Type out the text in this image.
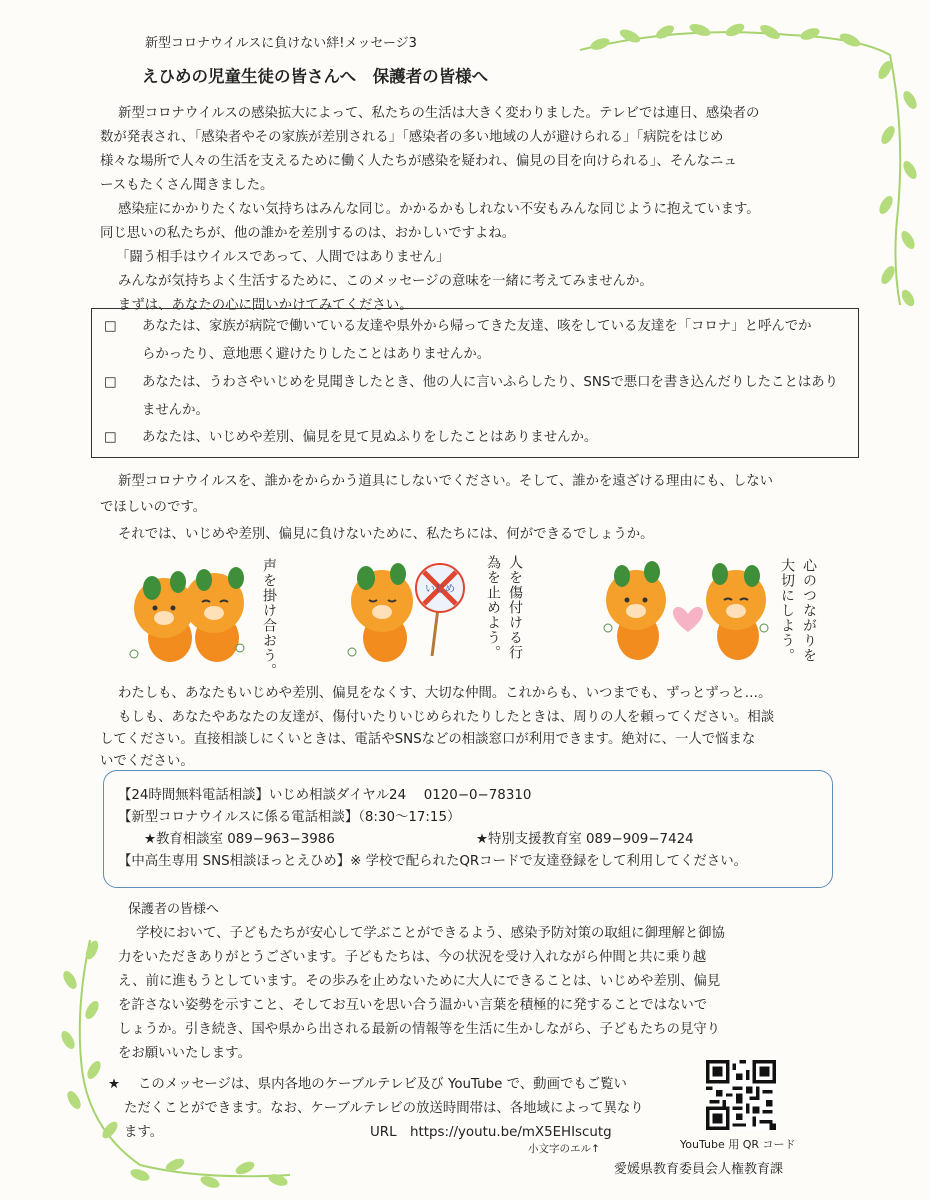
新型コロナウイルスに負けない絆!メッセージ3
えひめの児童生徒の皆さんへ　保護者の皆様へ
新型コロナウイルスの感染拡大によって、私たちの生活は大きく変わりました。テレビでは連日、感染者の
数が発表され、「感染者やその家族が差別される」「感染者の多い地域の人が避けられる」「病院をはじめ
様々な場所で人々の生活を支えるために働く人たちが感染を疑われ、偏見の目を向けられる」、そんなニュ
ースもたくさん聞きました。
感染症にかかりたくない気持ちはみんな同じ。かかるかもしれない不安もみんな同じように抱えています。
同じ思いの私たちが、他の誰かを差別するのは、おかしいですよね。
「闘う相手はウイルスであって、人間ではありません」
みんなが気持ちよく生活するために、このメッセージの意味を一緒に考えてみませんか。
まずは、あなたの心に問いかけてみてください。
□ あなたは、家族が病院で働いている友達や県外から帰ってきた友達、咳をしている友達を「コロナ」と呼んでか
らかったり、意地悪く避けたりしたことはありませんか。
□ あなたは、うわさやいじめを見聞きしたとき、他の人に言いふらしたり、SNSで悪口を書き込んだりしたことはあり
ませんか。
□ あなたは、いじめや差別、偏見を見て見ぬふりをしたことはありませんか。
新型コロナウイルスを、誰かをからかう道具にしないでください。そして、誰かを遠ざける理由にも、しない
でほしいのです。
それでは、いじめや差別、偏見に負けないために、私たちには、何ができるでしょうか。
声を掛け合おう。	いじめ	人を傷付ける行
為を止めよう。	心のつながりを
大切にしよう。
わたしも、あなたもいじめや差別、偏見をなくす、大切な仲間。これからも、いつまでも、ずっとずっと…。
もしも、あなたやあなたの友達が、傷付いたりいじめられたりしたときは、周りの人を頼ってください。相談
してください。直接相談しにくいときは、電話やSNSなどの相談窓口が利用できます。絶対に、一人で悩まな
いでください。
【24時間無料電話相談】いじめ相談ダイヤル24　 0120−0−78310
【新型コロナウイルスに係る電話相談】（8:30〜17:15）
★教育相談室 089−963−3986	★特別支援教育室 089−909−7424
【中高生専用 SNS相談ほっとえひめ】※ 学校で配られたQRコードで友達登録をして利用してください。
保護者の皆様へ
学校において、子どもたちが安心して学ぶことができるよう、感染予防対策の取組に御理解と御協
力をいただきありがとうございます。子どもたちは、今の状況を受け入れながら仲間と共に乗り越
え、前に進もうとしています。その歩みを止めないために大人にできることは、いじめや差別、偏見
を許さない姿勢を示すこと、そしてお互いを思い合う温かい言葉を積極的に発することではないで
しょうか。引き続き、国や県から出される最新の情報等を生活に生かしながら、子どもたちの見守り
をお願いいたします。
★ このメッセージは、県内各地のケーブルテレビ及び YouTube で、動画でもご覧い
ただくことができます。なお、ケーブルテレビの放送時間帯は、各地域によって異なり
ます。	URL https://youtu.be/mX5EHIscutg
小文字のエル↑	YouTube 用 QR コード
愛媛県教育委員会人権教育課
